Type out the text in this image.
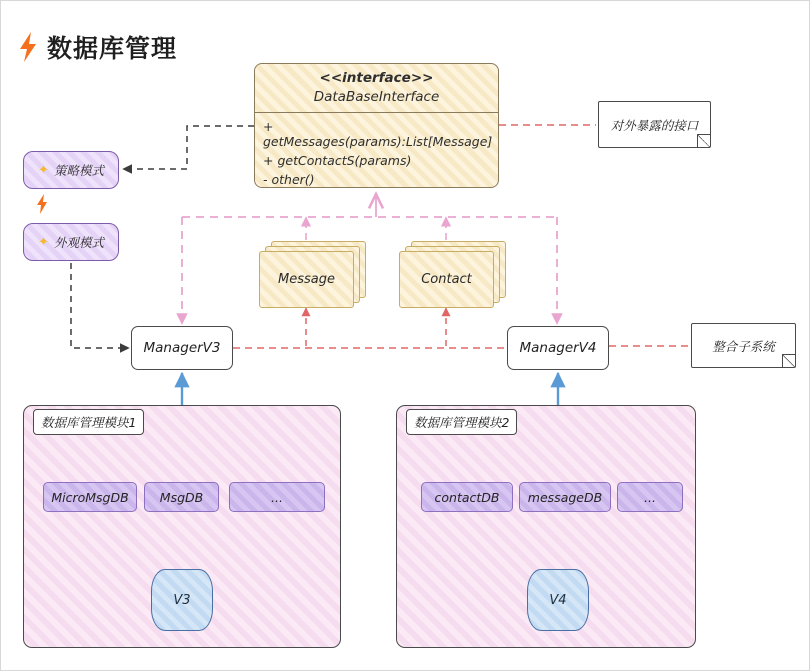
数据库管理
<<interface>>
DataBaseInterface
+ getMessages(params):List[Message]
+ getContactS(params)
- other()
对外暴露的接口
整合子系统
✦ 策略模式
✦ 外观模式
Message	Contact
ManagerV3	ManagerV4
数据库管理模块1
MicroMsgDB	MsgDB	...
V3
数据库管理模块2
contactDB	messageDB	...
V4
